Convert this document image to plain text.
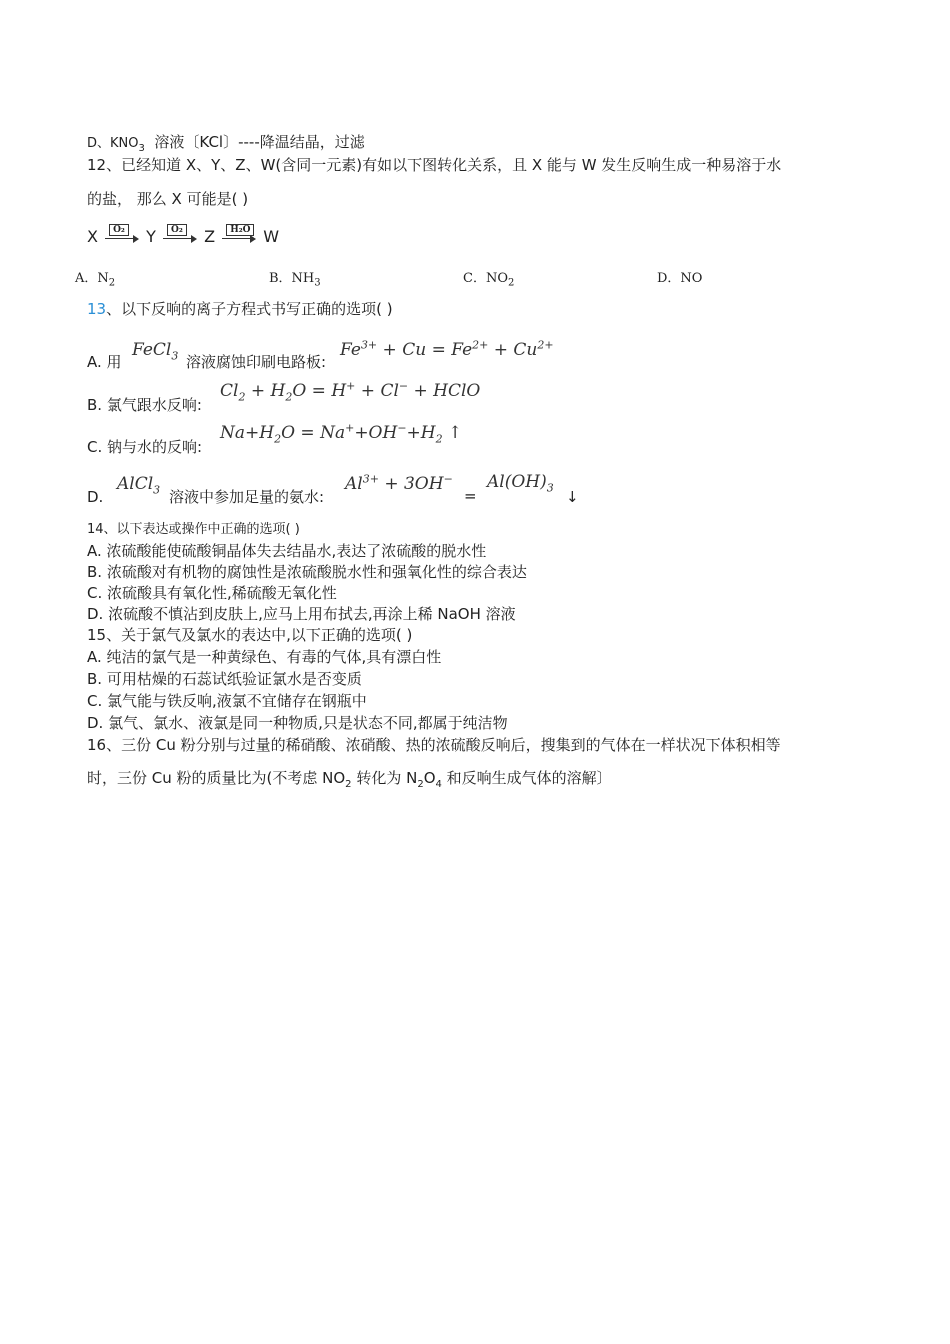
D、$KNO_3$ 溶液〔KCl〕----降温结晶，过滤
12、已经知道 X、Y、Z、W(含同一元素)有如以下图转化关系，且 X 能与 W 发生反响生成一种易溶于水
的盐， 那么 X 可能是( )
X	O₂ Y	O₂ Z	H₂O W
A．$N_2$	B．$NH_3$	C．$NO_2$	D．NO
13、以下反响的离子方程式书写正确的选项( )
A. 用
FeCl$_3$ 溶液腐蚀印刷电路板:
$Fe^{3+} + Cu = Fe^{2+} + Cu^{2+}$
B. 氯气跟水反响:
$Cl_2 + H_2O = H^+ + Cl^-$ + HClO
C. 钠与水的反响:
$Na+H_2O = Na^++OH^-+H_2$ ↑
D.
AlCl$_3$ 溶液中参加足量的氨水:
$Al^{3+} + 3OH^-$
=
$Al(OH)_3$
↓
14、以下表达或操作中正确的选项( )
A. 浓硫酸能使硫酸铜晶体失去结晶水,表达了浓硫酸的脱水性
B. 浓硫酸对有机物的腐蚀性是浓硫酸脱水性和强氧化性的综合表达
C. 浓硫酸具有氧化性,稀硫酸无氧化性
D. 浓硫酸不慎沾到皮肤上,应马上用布拭去,再涂上稀 NaOH 溶液
15、关于氯气及氯水的表达中,以下正确的选项( )
A. 纯洁的氯气是一种黄绿色、有毒的气体,具有漂白性
B. 可用枯燥的石蕊试纸验证氯水是否变质
C. 氯气能与铁反响,液氯不宜储存在钢瓶中
D. 氯气、氯水、液氯是同一种物质,只是状态不同,都属于纯洁物
16、三份 Cu 粉分别与过量的稀硝酸、浓硝酸、热的浓硫酸反响后，搜集到的气体在一样状况下体积相等
时，三份 Cu 粉的质量比为(不考虑 $NO_2$ 转化为 $N_2O_4$ 和反响生成气体的溶解〕
